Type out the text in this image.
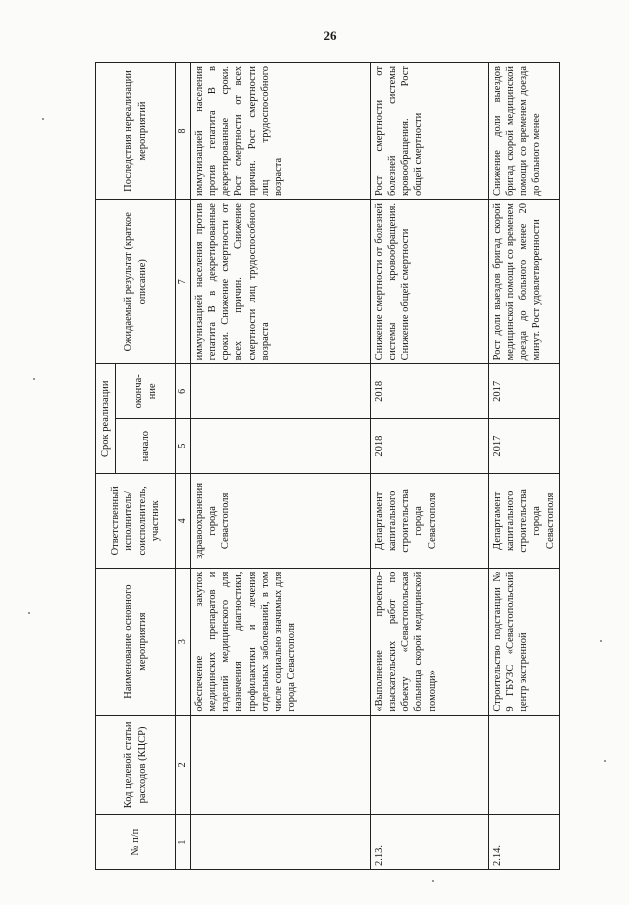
26
№ п/п	Код целевой статьи расходов (КЦСР)	Наименование основного мероприятия	Ответственный исполнитель/ соисполнитель, участник	Срок реализации		Ожидаемый результат (краткое описание)	Последствия нереализации мероприятий
				начало	оконча-ние		
1	2	3	4	5	6	7	8
		обеспечение закупок медицинских препаратов и изделий медицинского для назначения диагностики, профилактики и лечения отдельных заболеваний, в том числе социально значимых для города Севастополя	здравоохранения города Севастополя			иммунизацией населения против гепатита В в декретированные сроки. Снижение смертности от всех причин. Снижение смертности лиц трудоспособного возраста	иммунизацией населения против гепатита В в декретированные сроки. Рост смертности от всех причин. Рост смертности лиц трудоспособного возраста
2.13.		«Выполнение проектно-изыскательских работ по объекту «Севастопольская больница скорой медицинской помощи»	Департамент капитального строительства города Севастополя	2018	2018	Снижение смертности от болезней системы кровообращения. Снижение общей смертности	Рост смертности от болезней системы кровообращения. Рост общей смертности
2.14.		Строительство подстанции № 9 ГБУЗС «Севастопольский центр экстренной	Департамент капитального строительства города Севастополя	2017	2017	Рост доли выездов бригад скорой медицинской помощи со временем доезда до больного менее 20 минут. Рост удовлетворенности	Снижение доли выездов бригад скорой медицинской помощи со временем доезда до больного менее
